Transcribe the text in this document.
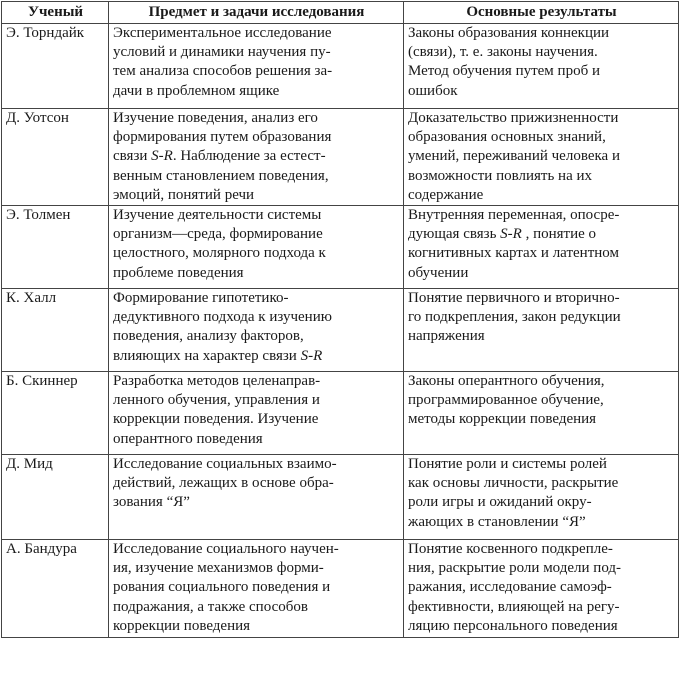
Ученый	Предмет и задачи исследования	Основные результаты
Э. Торндайк	Экспериментальное исследование
условий и динамики научения пу-
тем анализа способов решения за-
дачи в проблемном ящике	Законы образования коннекции
(связи), т. е. законы научения.
Метод обучения путем проб и
ошибок
Д. Уотсон	Изучение поведения, анализ его
формирования путем образования
связи S-R. Наблюдение за естест-
венным становлением поведения,
эмоций, понятий речи	Доказательство прижизненности
образования основных знаний,
умений, переживаний человека и
возможности повлиять на их
содержание
Э. Толмен	Изучение деятельности системы
организм—среда, формирование
целостного, молярного подхода к
проблеме поведения	Внутренняя переменная, опосре-
дующая связь S-R , понятие о
когнитивных картах и латентном
обучении
К. Халл	Формирование гипотетико-
дедуктивного подхода к изучению
поведения, анализу факторов,
влияющих на характер связи S-R	Понятие первичного и вторично-
го подкрепления, закон редукции
напряжения
Б. Скиннер	Разработка методов целенаправ-
ленного обучения, управления и
коррекции поведения. Изучение
оперантного поведения	Законы оперантного обучения,
программированное обучение,
методы коррекции поведения
Д. Мид	Исследование социальных взаимо-
действий, лежащих в основе обра-
зования “Я”	Понятие роли и системы ролей
как основы личности, раскрытие
роли игры и ожиданий окру-
жающих в становлении “Я”
А. Бандура	Исследование социального научен-
ия, изучение механизмов форми-
рования социального поведения и
подражания, а также способов
коррекции поведения	Понятие косвенного подкрепле-
ния, раскрытие роли модели под-
ражания, исследование самоэф-
фективности, влияющей на регу-
ляцию персонального поведения
